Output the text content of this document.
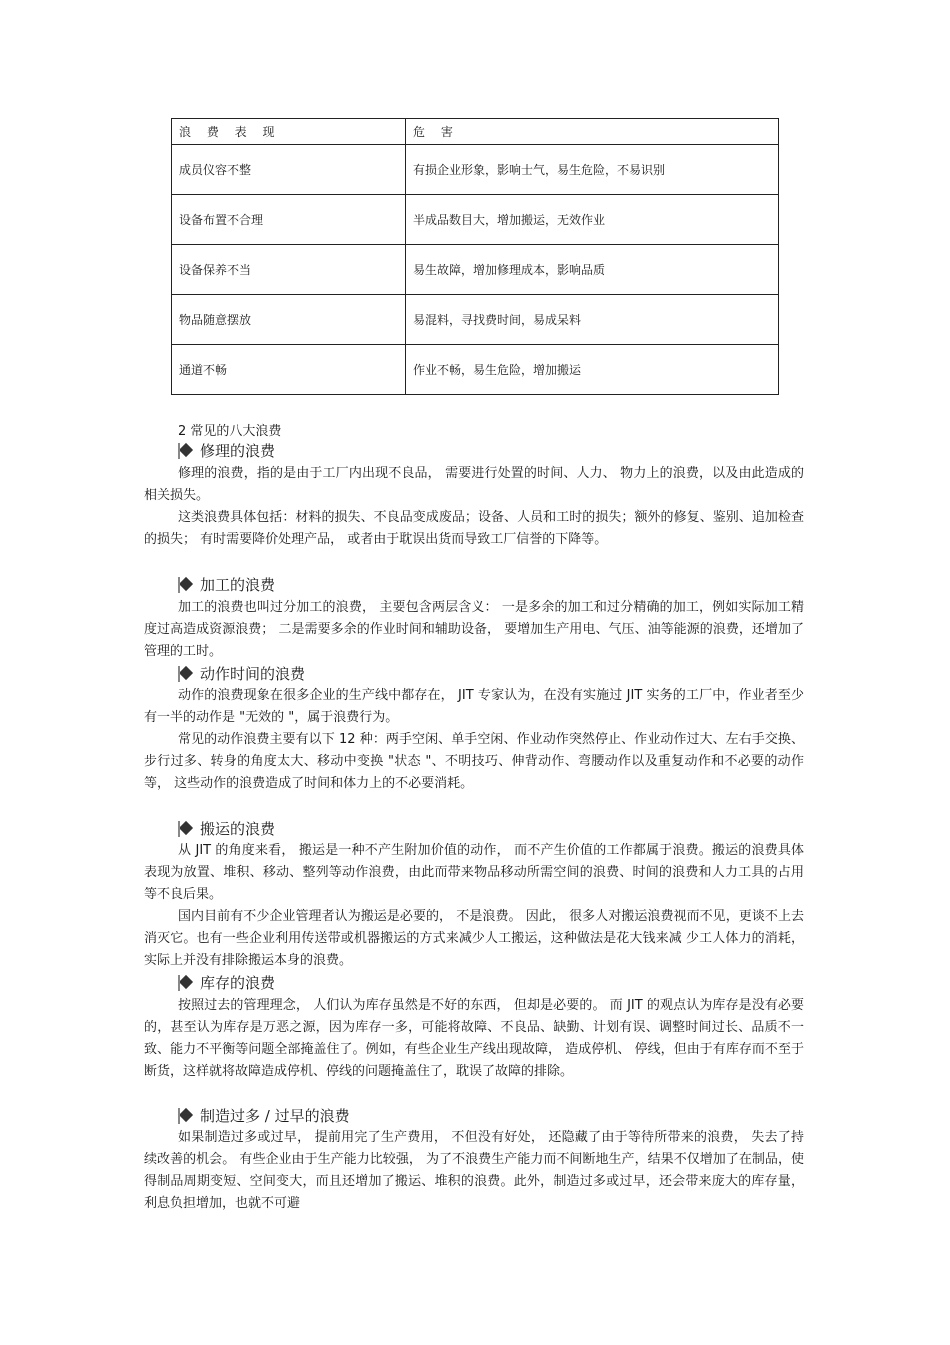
浪 费 表 现	危 害
成员仪容不整	有损企业形象，影响士气，易生危险，不易识别
设备布置不合理	半成品数目大，增加搬运，无效作业
设备保养不当	易生故障，增加修理成本，影响品质
物品随意摆放	易混料，寻找费时间，易成呆料
通道不畅	作业不畅，易生危险，增加搬运
2 常见的八大浪费
修理的浪费

修理的浪费，指的是由于工厂内出现不良品， 需要进行处置的时间、人力、 物力上的浪费，以及由此造成的相关损失。

这类浪费具体包括：材料的损失、不良品变成废品；设备、人员和工时的损失；额外的修复、鉴别、追加检查的损失； 有时需要降价处理产品， 或者由于耽误出货而导致工厂信誉的下降等。

加工的浪费

加工的浪费也叫过分加工的浪费， 主要包含两层含义： 一是多余的加工和过分精确的加工，例如实际加工精度过高造成资源浪费； 二是需要多余的作业时间和辅助设备， 要增加生产用电、气压、油等能源的浪费，还增加了管理的工时。

动作时间的浪费

动作的浪费现象在很多企业的生产线中都存在， JIT 专家认为，在没有实施过 JIT 实务的工厂中，作业者至少有一半的动作是 "无效的 "，属于浪费行为。

常见的动作浪费主要有以下 12 种：两手空闲、单手空闲、作业动作突然停止、作业动作过大、左右手交换、步行过多、转身的角度太大、移动中变换 "状态 "、不明技巧、伸背动作、弯腰动作以及重复动作和不必要的动作等， 这些动作的浪费造成了时间和体力上的不必要消耗。

搬运的浪费

从 JIT 的角度来看， 搬运是一种不产生附加价值的动作， 而不产生价值的工作都属于浪费。搬运的浪费具体表现为放置、堆积、移动、整列等动作浪费，由此而带来物品移动所需空间的浪费、时间的浪费和人力工具的占用等不良后果。

国内目前有不少企业管理者认为搬运是必要的， 不是浪费。 因此， 很多人对搬运浪费视而不见，更谈不上去消灭它。也有一些企业利用传送带或机器搬运的方式来减少人工搬运，这种做法是花大钱来减 少工人体力的消耗，实际上并没有排除搬运本身的浪费。

库存的浪费

按照过去的管理理念， 人们认为库存虽然是不好的东西， 但却是必要的。 而 JIT 的观点认为库存是没有必要的，甚至认为库存是万恶之源，因为库存一多，可能将故障、不良品、缺勤、计划有误、调整时间过长、品质不一致、能力不平衡等问题全部掩盖住了。例如，有些企业生产线出现故障， 造成停机、 停线，但由于有库存而不至于断货，这样就将故障造成停机、停线的问题掩盖住了，耽误了故障的排除。

制造过多 / 过早的浪费

如果制造过多或过早， 提前用完了生产费用， 不但没有好处， 还隐藏了由于等待所带来的浪费， 失去了持续改善的机会。 有些企业由于生产能力比较强， 为了不浪费生产能力而不间断地生产，结果不仅增加了在制品，使得制品周期变短、空间变大，而且还增加了搬运、堆积的浪费。此外，制造过多或过早，还会带来庞大的库存量，利息负担增加，也就不可避
